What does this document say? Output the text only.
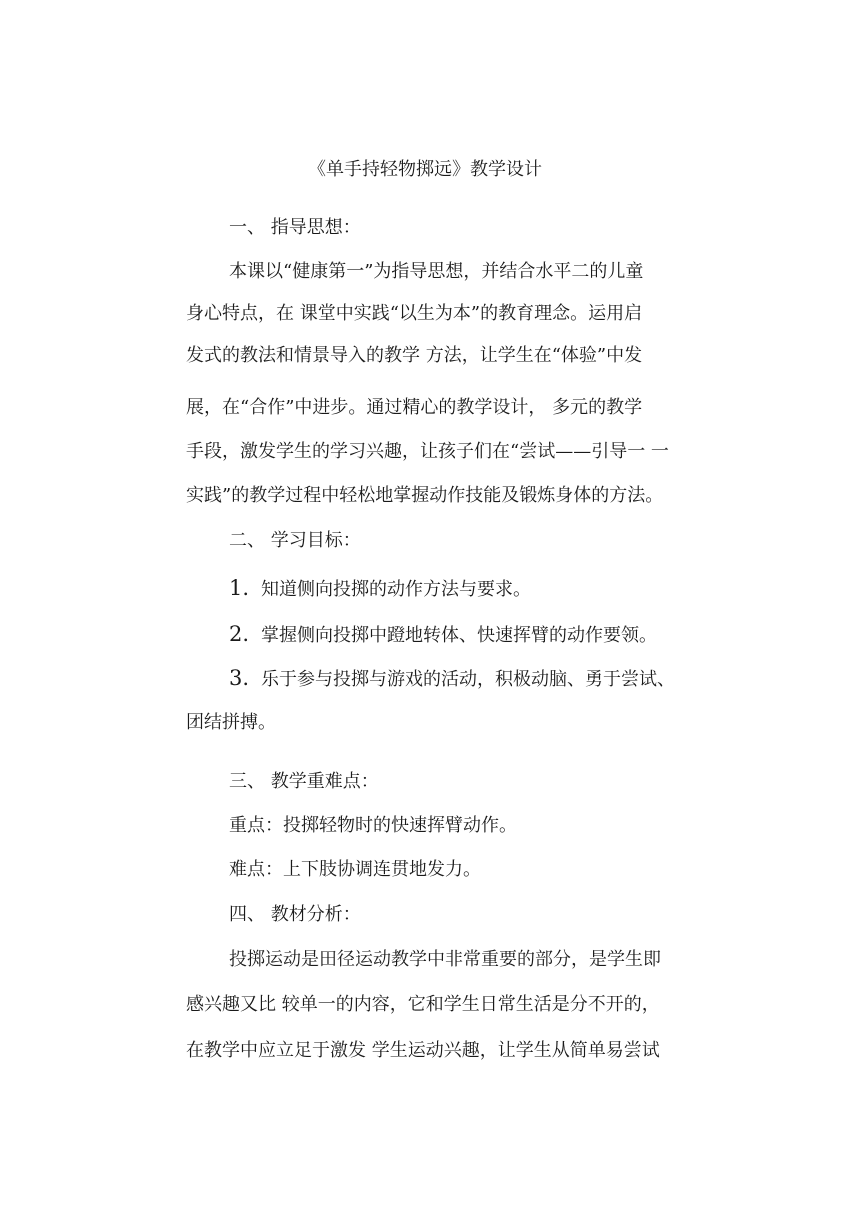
《单手持轻物掷远》教学设计
一、 指导思想：
本课以“健康第一”为指导思想，并结合水平二的儿童
身心特点，在 课堂中实践“以生为本”的教育理念。运用启
发式的教法和情景导入的教学 方法，让学生在“体验”中发
展，在“合作”中进步。通过精心的教学设计， 多元的教学
手段，激发学生的学习兴趣，让孩子们在“尝试——引导一 一
实践”的教学过程中轻松地掌握动作技能及锻炼身体的方法。
二、 学习目标：
1. 知道侧向投掷的动作方法与要求。
2. 掌握侧向投掷中蹬地转体、快速挥臂的动作要领。
3. 乐于参与投掷与游戏的活动，积极动脑、勇于尝试、
团结拼搏。
三、 教学重难点：
重点：投掷轻物时的快速挥臂动作。
难点：上下肢协调连贯地发力。
四、 教材分析：
投掷运动是田径运动教学中非常重要的部分，是学生即
感兴趣又比 较单一的内容，它和学生日常生活是分不开的，
在教学中应立足于激发 学生运动兴趣，让学生从简单易尝试
